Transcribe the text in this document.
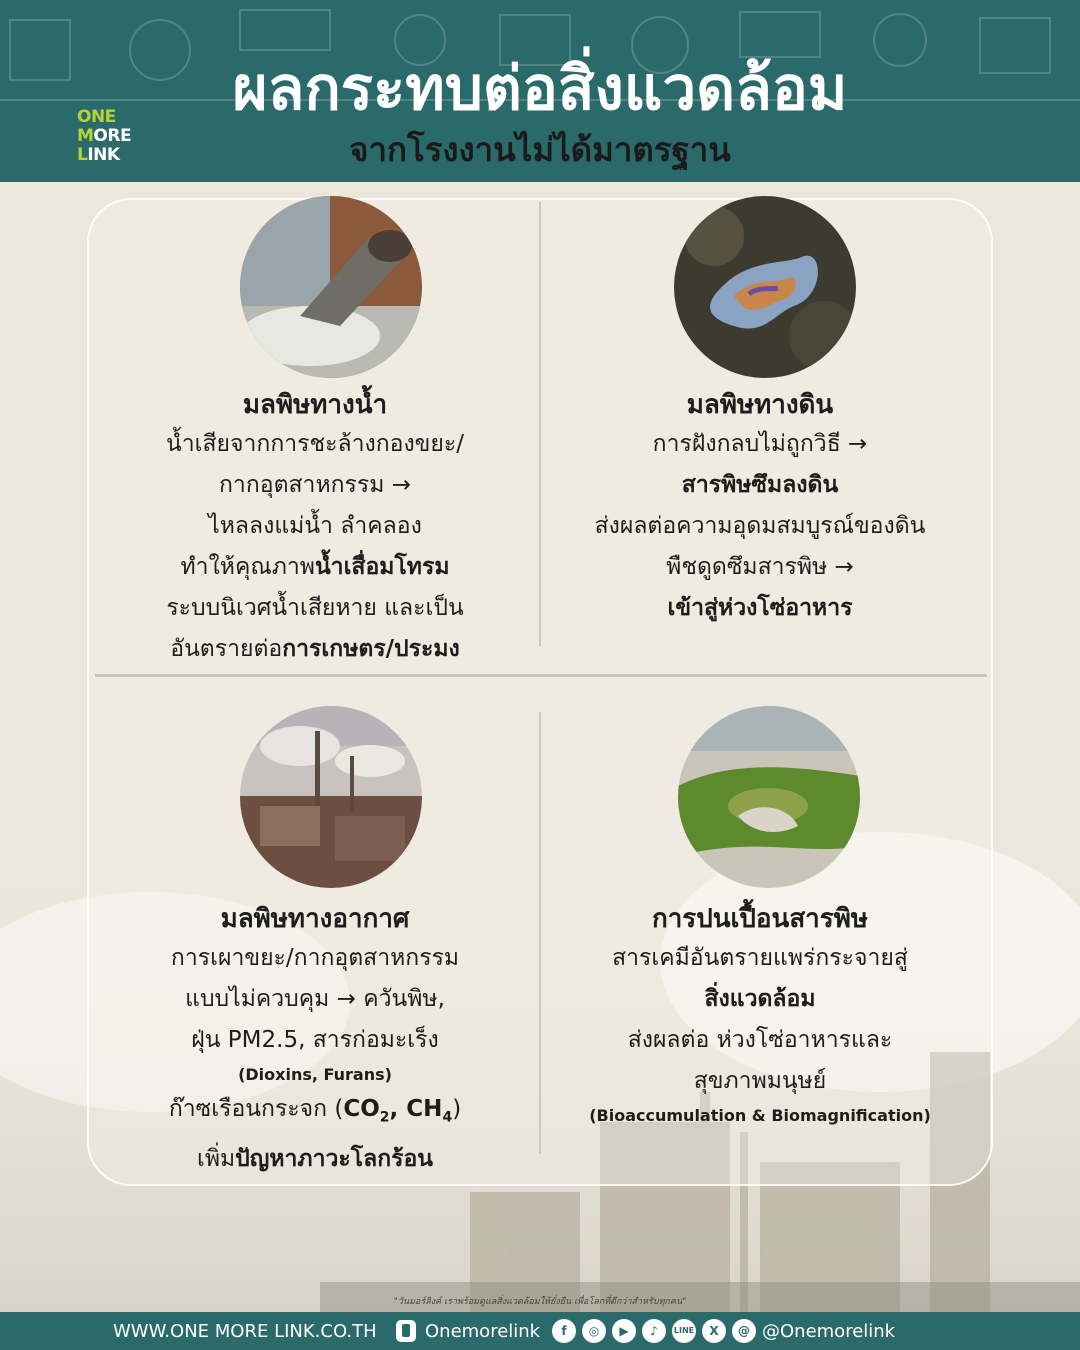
ONE
MORE
LINK
ผลกระทบต่อสิ่งแวดล้อม
จากโรงงานไม่ได้มาตรฐาน
มลพิษทางน้ำ
น้ำเสียจากการชะล้างกองขยะ/
กากอุตสาหกรรม →
ไหลลงแม่น้ำ ลำคลอง
ทำให้คุณภาพน้ำเสื่อมโทรม
ระบบนิเวศน้ำเสียหาย และเป็น
อันตรายต่อการเกษตร/ประมง
มลพิษทางดิน
การฝังกลบไม่ถูกวิธี →
สารพิษซึมลงดิน
ส่งผลต่อความอุดมสมบูรณ์ของดิน
พืชดูดซึมสารพิษ →
เข้าสู่ห่วงโซ่อาหาร
มลพิษทางอากาศ
การเผาขยะ/กากอุตสาหกรรม
แบบไม่ควบคุม → ควันพิษ,
ฝุ่น PM2.5, สารก่อมะเร็ง
(Dioxins, Furans)
ก๊าซเรือนกระจก ($CO_2$, $CH_4$)
เพิ่มปัญหาภาวะโลกร้อน
การปนเปื้อนสารพิษ
สารเคมีอันตรายแพร่กระจายสู่
สิ่งแวดล้อม
ส่งผลต่อ ห่วงโซ่อาหารและ
สุขภาพมนุษย์
(Bioaccumulation & Biomagnification)
"วันมอร์ลิงค์ เราพร้อมดูแลสิ่งแวดล้อมให้ยั่งยืน เพื่อโลกที่ดีกว่าสำหรับทุกคน"
WWW.ONE MORE LINK.CO.TH	Onemorelink	f	◎	▶	♪	LINE	X	@ @Onemorelink
